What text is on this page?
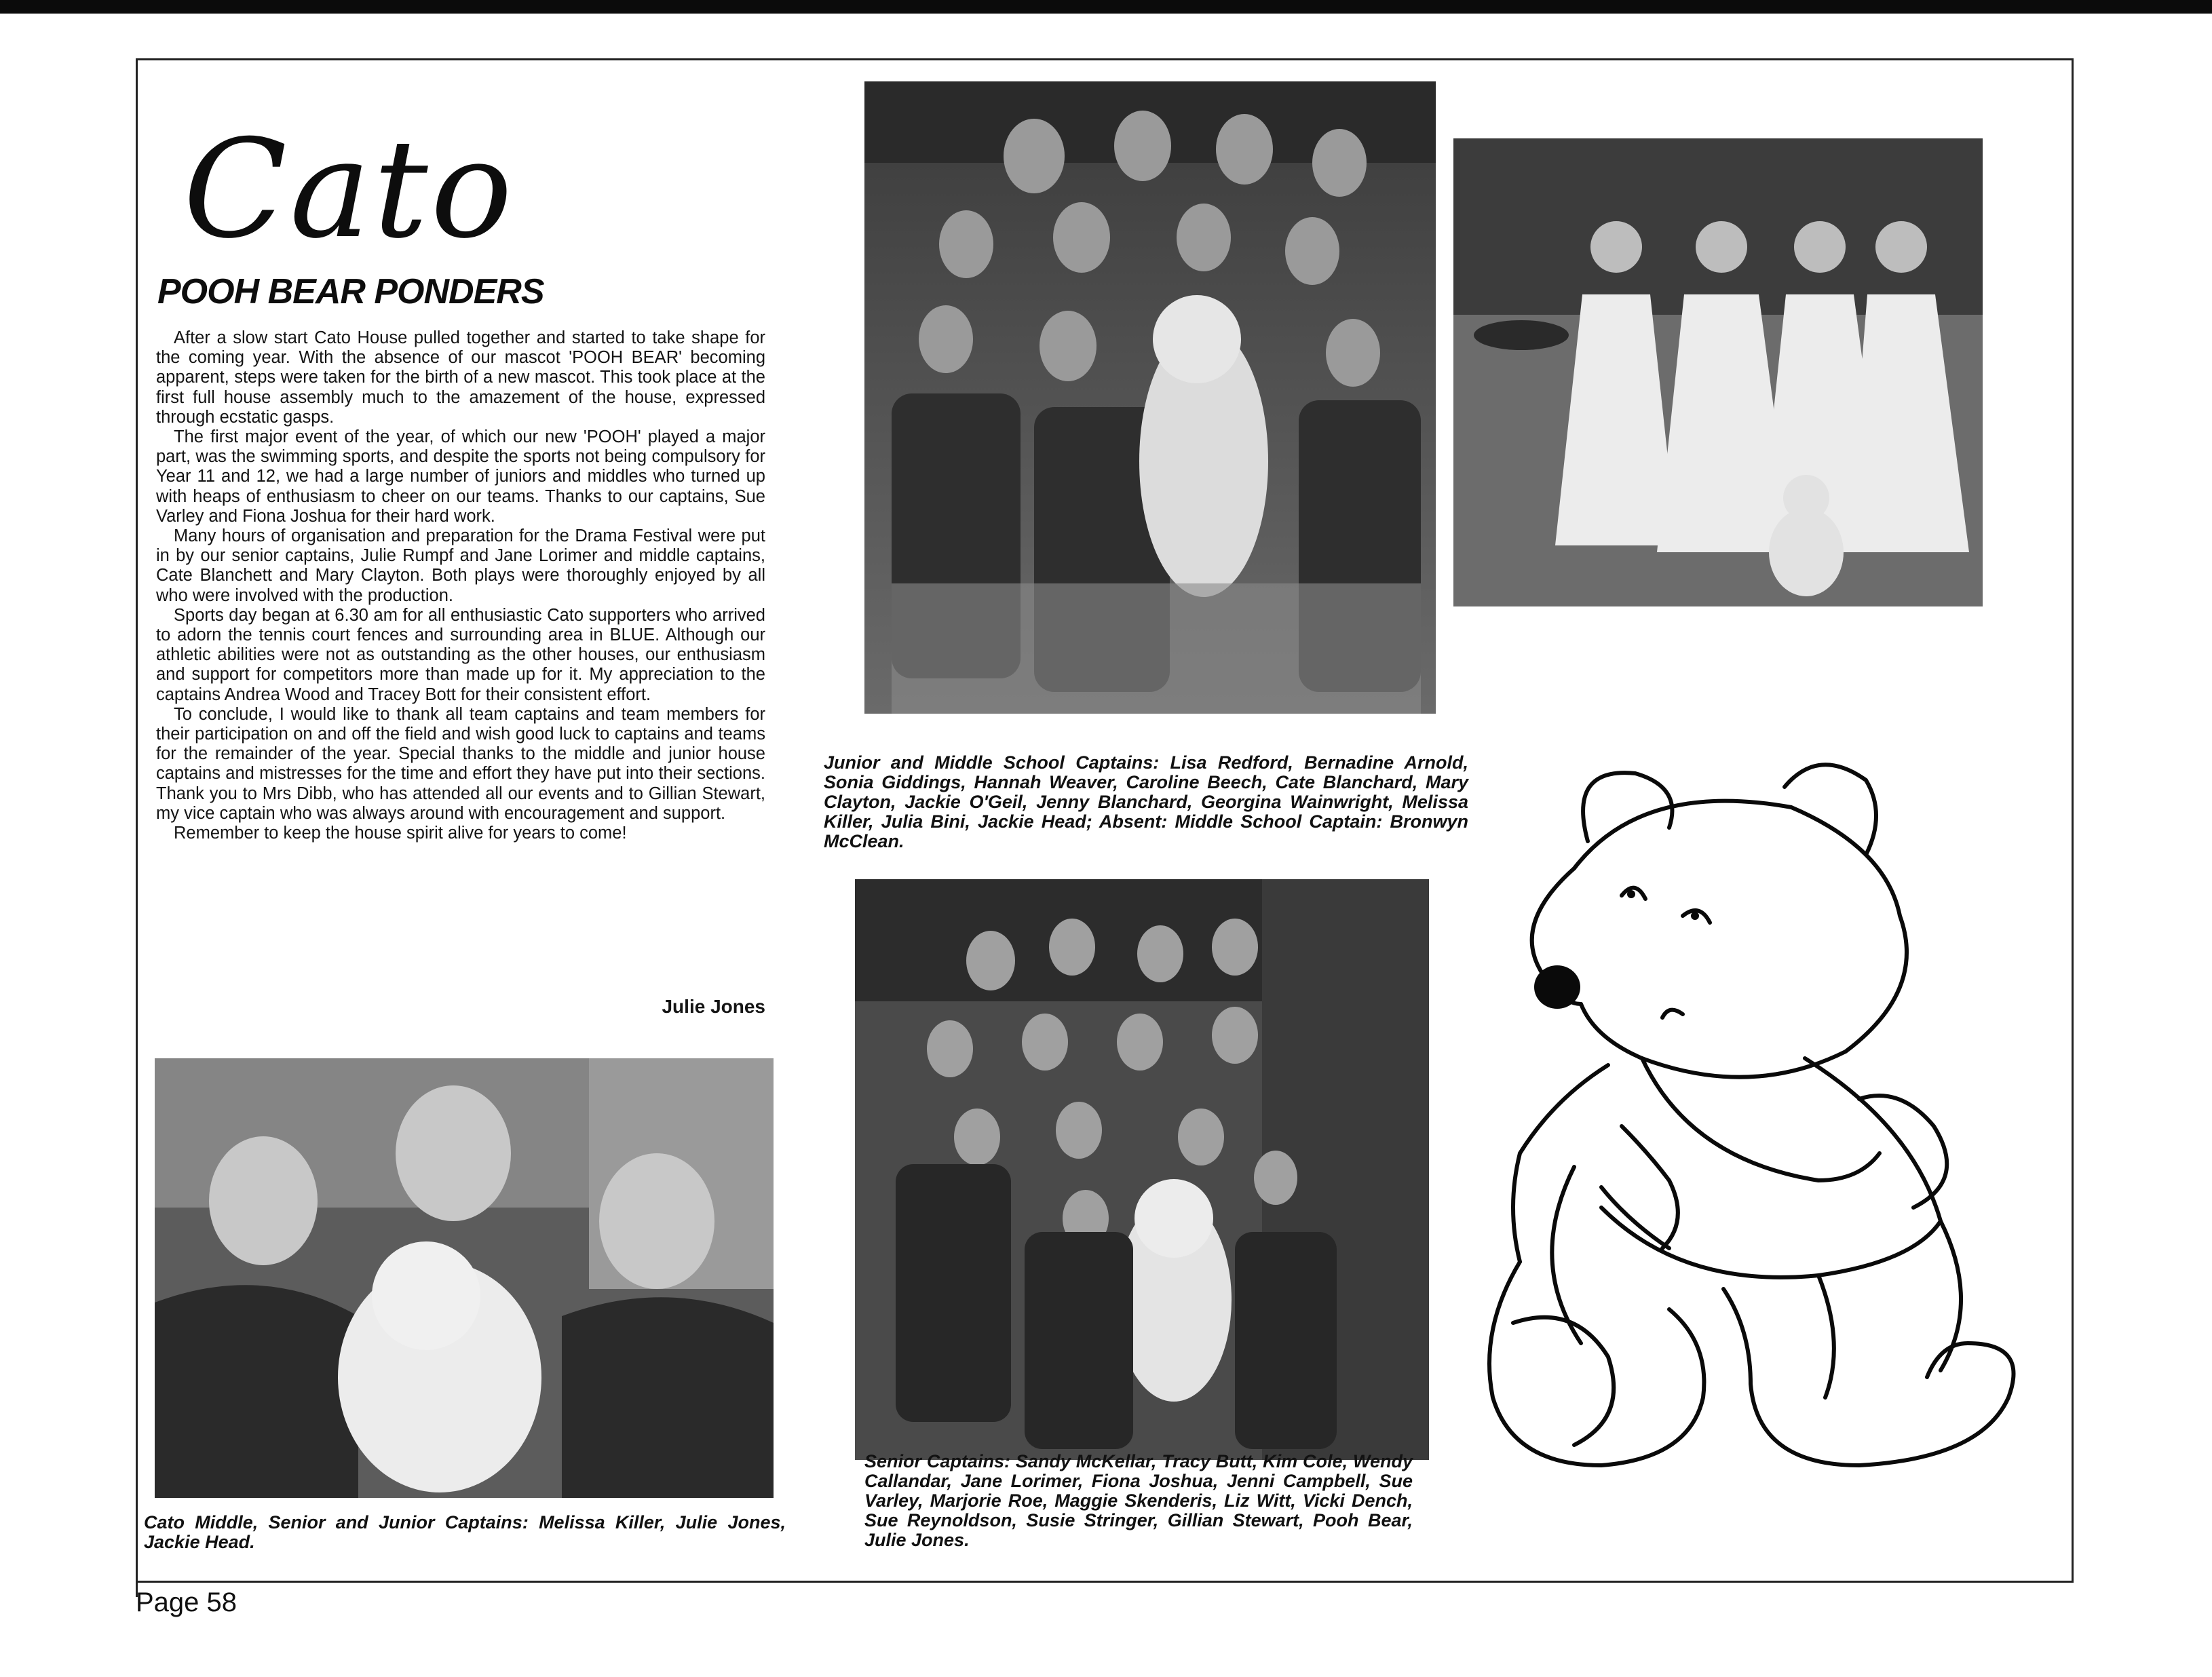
Cato
POOH BEAR PONDERS

After a slow start Cato House pulled together and started to take shape for the coming year. With the absence of our mascot 'POOH BEAR' becoming apparent, steps were taken for the birth of a new mascot. This took place at the first full house assembly much to the amazement of the house, expressed through ecstatic gasps.

The first major event of the year, of which our new 'POOH' played a major part, was the swimming sports, and despite the sports not being compulsory for Year 11 and 12, we had a large number of juniors and middles who turned up with heaps of enthusiasm to cheer on our teams. Thanks to our captains, Sue Varley and Fiona Joshua for their hard work.

Many hours of organisation and preparation for the Drama Festival were put in by our senior captains, Julie Rumpf and Jane Lorimer and middle captains, Cate Blanchett and Mary Clayton. Both plays were thoroughly enjoyed by all who were involved with the production.

Sports day began at 6.30 am for all enthusiastic Cato supporters who arrived to adorn the tennis court fences and surrounding area in BLUE. Although our athletic abilities were not as outstanding as the other houses, our enthusiasm and support for competitors more than made up for it. My appreciation to the captains Andrea Wood and Tracey Bott for their consistent effort.

To conclude, I would like to thank all team captains and team members for their participation on and off the field and wish good luck to captains and teams for the remainder of the year. Special thanks to the middle and junior house captains and mistresses for the time and effort they have put into their sections. Thank you to Mrs Dibb, who has attended all our events and to Gillian Stewart, my vice captain who was always around with encouragement and support.

Remember to keep the house spirit alive for years to come!

Julie Jones

Junior and Middle School Captains: Lisa Redford, Bernadine Arnold, Sonia Giddings, Hannah Weaver, Caroline Beech, Cate Blanchard, Mary Clayton, Jackie O'Geil, Jenny Blanchard, Georgina Wainwright, Melissa Killer, Julia Bini, Jackie Head; Absent: Middle School Captain: Bronwyn McClean.

Senior Captains: Sandy McKellar, Tracy Butt, Kim Cole, Wendy Callandar, Jane Lorimer, Fiona Joshua, Jenni Campbell, Sue Varley, Marjorie Roe, Maggie Skenderis, Liz Witt, Vicki Dench, Sue Reynoldson, Susie Stringer, Gillian Stewart, Pooh Bear, Julie Jones.

Cato Middle, Senior and Junior Captains: Melissa Killer, Julie Jones, Jackie Head.

Page 58
